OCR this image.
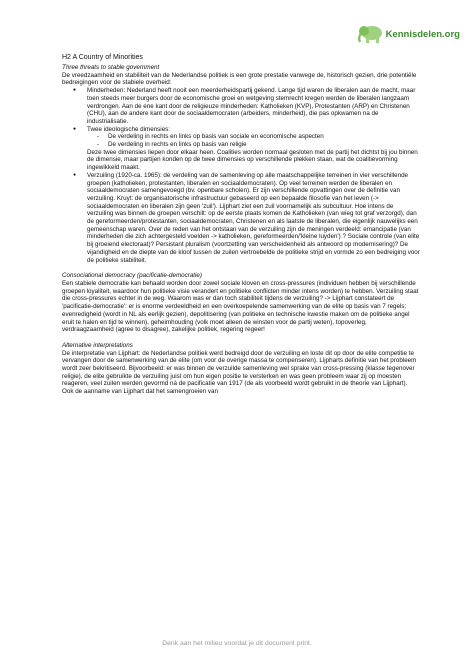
Kennisdelen.org
H2 A Country of Minorities
Three threats to stable government

De vreedzaamheid en stabiliteit van de Nederlandse politiek is een grote prestatie vanwege de, historisch gezien, drie potentiële bedreigingen voor de stabiele overheid:

● Minderheden: Nederland heeft nooit een meerderheidspartij gekend. Lange tijd waren de liberalen aan de macht, maar toen steeds meer burgers door de economische groei en wetgeving stemrecht kregen werden de liberalen langzaam verdrongen. Aan de ene kant door de religieuze minderheden: Katholieken (KVP), Protestanten (ARP) en Christenen (CHU), aan de andere kant door de sociaaldemocraten (arbeiders, minderheid), die pas opkwamen na de industrialisatie.
● Twee ideologische dimensies:
- De verdeling in rechts en links op basis van sociale en economische aspecten
- De verdeling in rechts en links op basis van religie
Deze twee dimensies liepen door elkaar heen. Coalities worden normaal gesloten met de partij het dichtst bij jou binnen de dimensie, maar partijen konden op de twee dimensies op verschillende plekken staan, wat de coalitievorming ingewikkeld maakt.
● Verzuiling (1920-ca. 1965): de verdeling van de samenleving op alle maatschappelijke terreinen in vier verschillende groepen (katholieken, protestanten, liberalen en sociaaldemocraten). Op veel terreinen werden de liberalen en sociaaldemocraten samengevoegd (bv. openbare scholen). Er zijn verschillende opvattingen over de definitie van verzuiling. Kruyt: de organisatorische infrastructuur gebaseerd op een bepaalde filosofie van het leven (-> sociaaldemocraten en liberalen zijn geen 'zuil'). Lijphart ziet een zuil voornamelijk als subcultuur. Hoe intens de verzuiling was binnen de groepen verschilt: op de eerste plaats komen de Katholieken (van wieg tot graf verzorgd), dan de gereformeerden/protestanten, sociaaldemocraten, Christenen en als laatste de liberalen, die eigenlijk nauwelijks een gemeenschap waren. Over de reden van het ontstaan van de verzuiling zijn de meningen verdeeld: emancipatie (van minderheden die zich achtergesteld voelden -> katholieken, gereformeerden/'kleine luyden') ? Sociale controle (van elite bij groeiend electoraat)? Persistant pluralism (voortzetting van verscheidenheid als antwoord op modernisering)? De vijandigheid en de diepte van de kloof tussen de zuilen vertroebelde de politieke strijd en vormde zo een bedreiging voor de politieke stabiliteit.
Consociational democracy (pacificatie-democratie)

Een stabiele democratie kan behaald worden door zowel sociale kloven en cross-pressures (individuen hebben bij verschillende groepen loyaliteit, waardoor hun politieke visie verandert en politieke conflicten minder intens worden) te hebben. Verzuiling staat die cross-pressures echter in de weg. Waarom was er dan toch stabiliteit tijdens de verzuiling? -> Lijphart constateert de 'pacificatie-democratie': er is enorme verdeeldheid en een overkoepelende samenwerking van de elite op basis van 7 regels: evenredigheid (wordt in NL als eerlijk gezien), depolitisering (van politieke en technische kwestie maken om de politieke angel eruit te halen en tijd te winnen), geheimhouding (volk moet alleen de winsten voor de partij weten), topoverleg, verdraagzaamheid (agree to disagree), zakelijke politiek, regering regeer!

Alternative interpretations

De interpretatie van Lijphart: de Nederlandse politiek werd bedreigd door de verzuiling en loste dit op door de elite competitie te vervangen door de samenwerking van de elite (om voor de overige massa te compenseren). Lijpharts definitie van het probleem wordt zeer bekritiseerd. Bijvoorbeeld: er was binnen de verzuilde samenleving wel sprake van cross-pressing (klasse tegenover religie), de elite gebruikte de verzuiling juist om hun eigen positie te versterken en was geen probleem waar zij op moesten reageren, veel zuilen werden gevormd ná de pacificatie van 1917 (de als voorbeeld wordt gebruikt in de theorie van Lijphart). Ook de aanname van Lijphart dat het samengroeien van

Denk aan het milieu voordat je dit document print.
